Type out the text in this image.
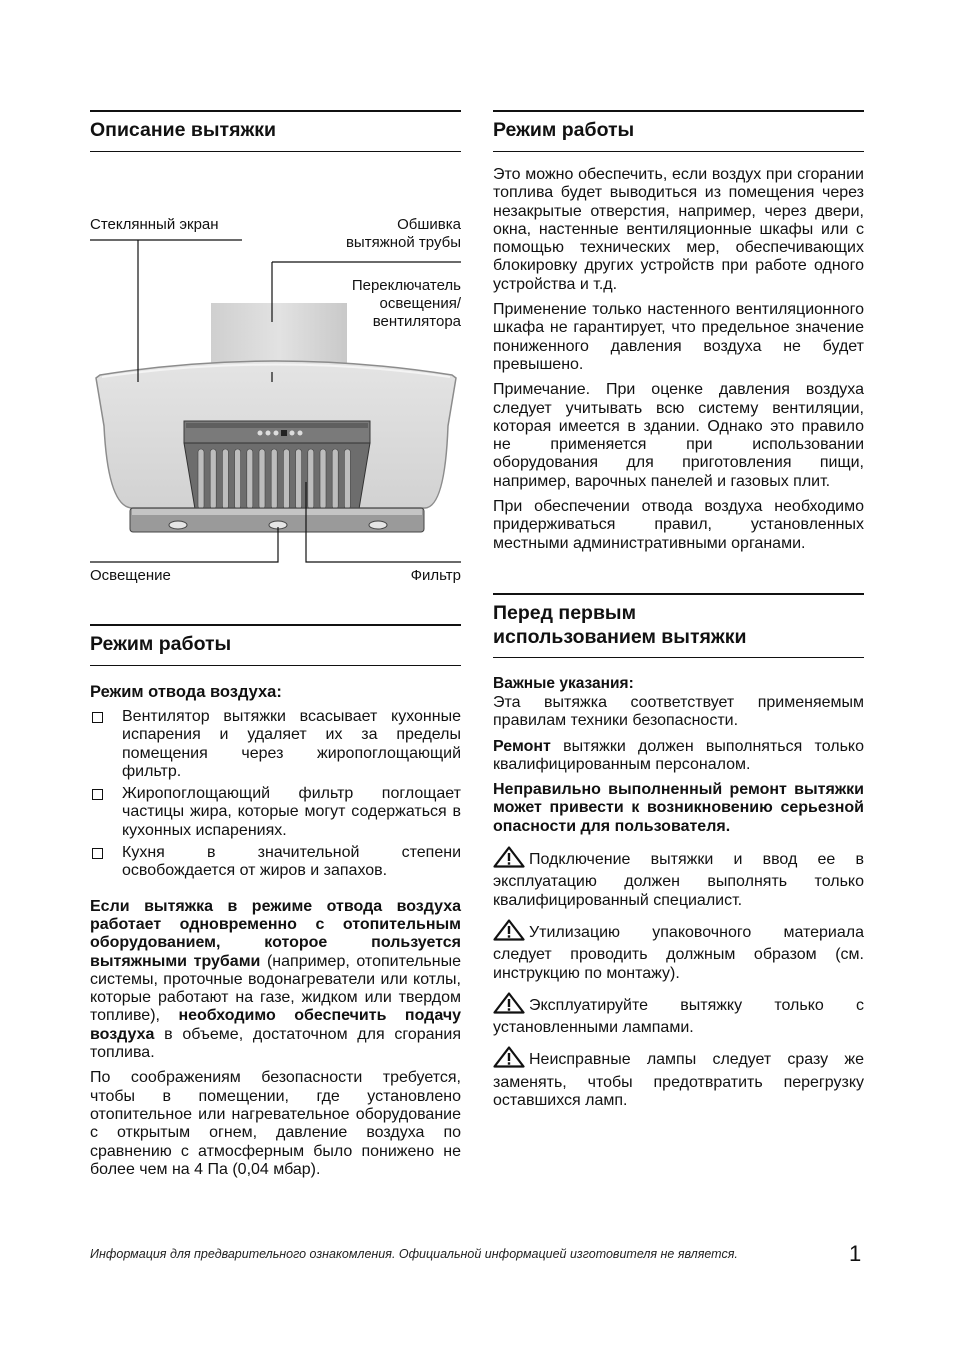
Описание вытяжки
Стеклянный экран	Обшивка
вытяжной трубы
Переключатель
освещения/
вентилятора
Освещение	Фильтр
Режим работы
Режим отвода воздуха:
Вентилятор вытяжки всасывает кухонные испарения и удаляет их за пределы помещения через жиропоглощающий фильтр.
Жиропоглощающий фильтр поглощает частицы жира, которые могут содержаться в кухонных испарениях.
Кухня в значительной степени освобождается от жиров и запахов.

Если вытяжка в режиме отвода воздуха работает одновременно с отопительным оборудованием, которое пользуется вытяжными трубами (например, отопительные системы, проточные водонагреватели или котлы, которые работают на газе, жидком или твердом топливе), необходимо обеспечить подачу воздуха в объеме, достаточном для сгорания топлива.

По соображениям безопасности требуется, чтобы в помещении, где установлено отопительное или нагревательное оборудование с открытым огнем, давление воздуха по сравнению с атмосферным было понижено не более чем на 4 Па (0,04 мбар).

Режим работы

Это можно обеспечить, если воздух при сгорании топлива будет выводиться из помещения через незакрытые отверстия, например, через двери, окна, настенные вентиляционные шкафы или с помощью технических мер, обеспечивающих блокировку других устройств при работе одного устройства и т.д.

Применение только настенного вентиляционного шкафа не гарантирует, что предельное значение пониженного давления воздуха не будет превышено.

Примечание. При оценке давления воздуха следует учитывать всю систему вентиляции, которая имеется в здании. Однако это правило не применяется при использовании оборудования для приготовления пищи, например, варочных панелей и газовых плит.

При обеспечении отвода воздуха необходимо придерживаться правил, установленных местными административными органами.

Перед первым
использованием вытяжки
Важные указания:

Эта вытяжка соответствует применяемым правилам техники безопасности.

Ремонт вытяжки должен выполняться только квалифицированным персоналом.

Неправильно выполненный ремонт вытяжки может привести к возникновению серьезной опасности для пользователя.

Подключение вытяжки и ввод ее в эксплуатацию должен выполнять только квалифицированный специалист.

Утилизацию упаковочного материала следует проводить должным образом (см. инструкцию по монтажу).

Эксплуатируйте вытяжку только с установленными лампами.

Неисправные лампы следует сразу же заменять, чтобы предотвратить перегрузку оставшихся ламп.

Информация для предварительного ознакомления. Официальной информацией изготовителя не является.	1
